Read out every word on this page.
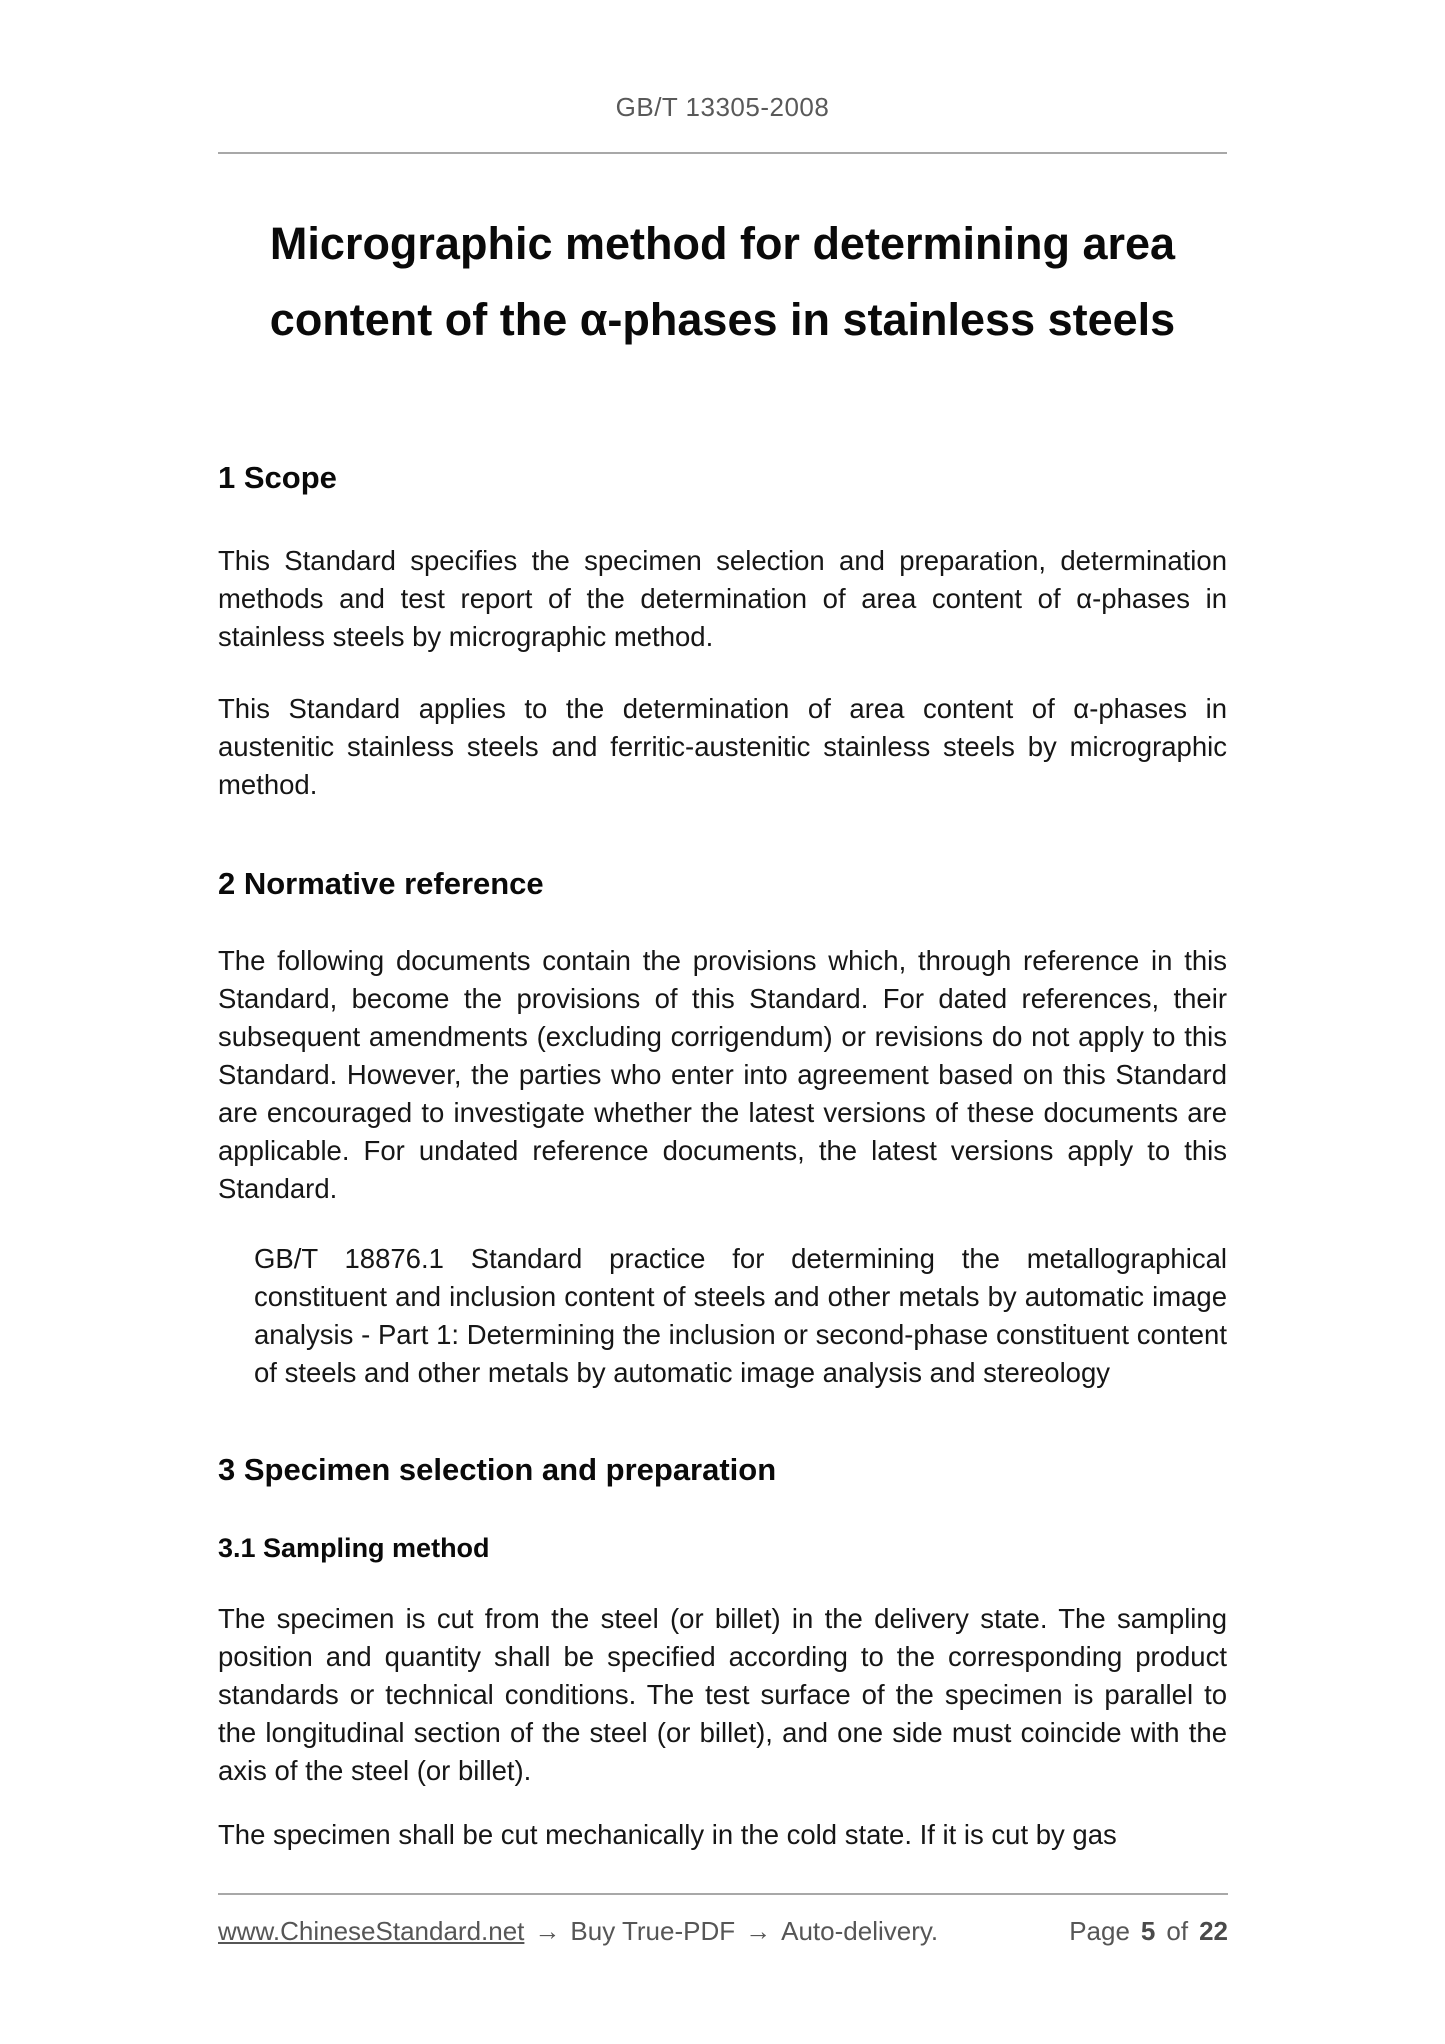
GB/T 13305-2008
Micrographic method for determining area
content of the α-phases in stainless steels
1 Scope

This Standard specifies the specimen selection and preparation, determination methods and test report of the determination of area content of α-phases in stainless steels by micrographic method.

This Standard applies to the determination of area content of α-phases in austenitic stainless steels and ferritic-austenitic stainless steels by micrographic method.

2 Normative reference

The following documents contain the provisions which, through reference in this Standard, become the provisions of this Standard. For dated references, their subsequent amendments (excluding corrigendum) or revisions do not apply to this Standard. However, the parties who enter into agreement based on this Standard are encouraged to investigate whether the latest versions of these documents are applicable. For undated reference documents, the latest versions apply to this Standard.

GB/T 18876.1 Standard practice for determining the metallographical constituent and inclusion content of steels and other metals by automatic image analysis - Part 1: Determining the inclusion or second-phase constituent content of steels and other metals by automatic image analysis and stereology

3 Specimen selection and preparation
3.1 Sampling method

The specimen is cut from the steel (or billet) in the delivery state. The sampling position and quantity shall be specified according to the corresponding product standards or technical conditions. The test surface of the specimen is parallel to the longitudinal section of the steel (or billet), and one side must coincide with the axis of the steel (or billet).

The specimen shall be cut mechanically in the cold state. If it is cut by gas

www.ChineseStandard.net → Buy True-PDF → Auto-delivery.	Page 5 of 22
